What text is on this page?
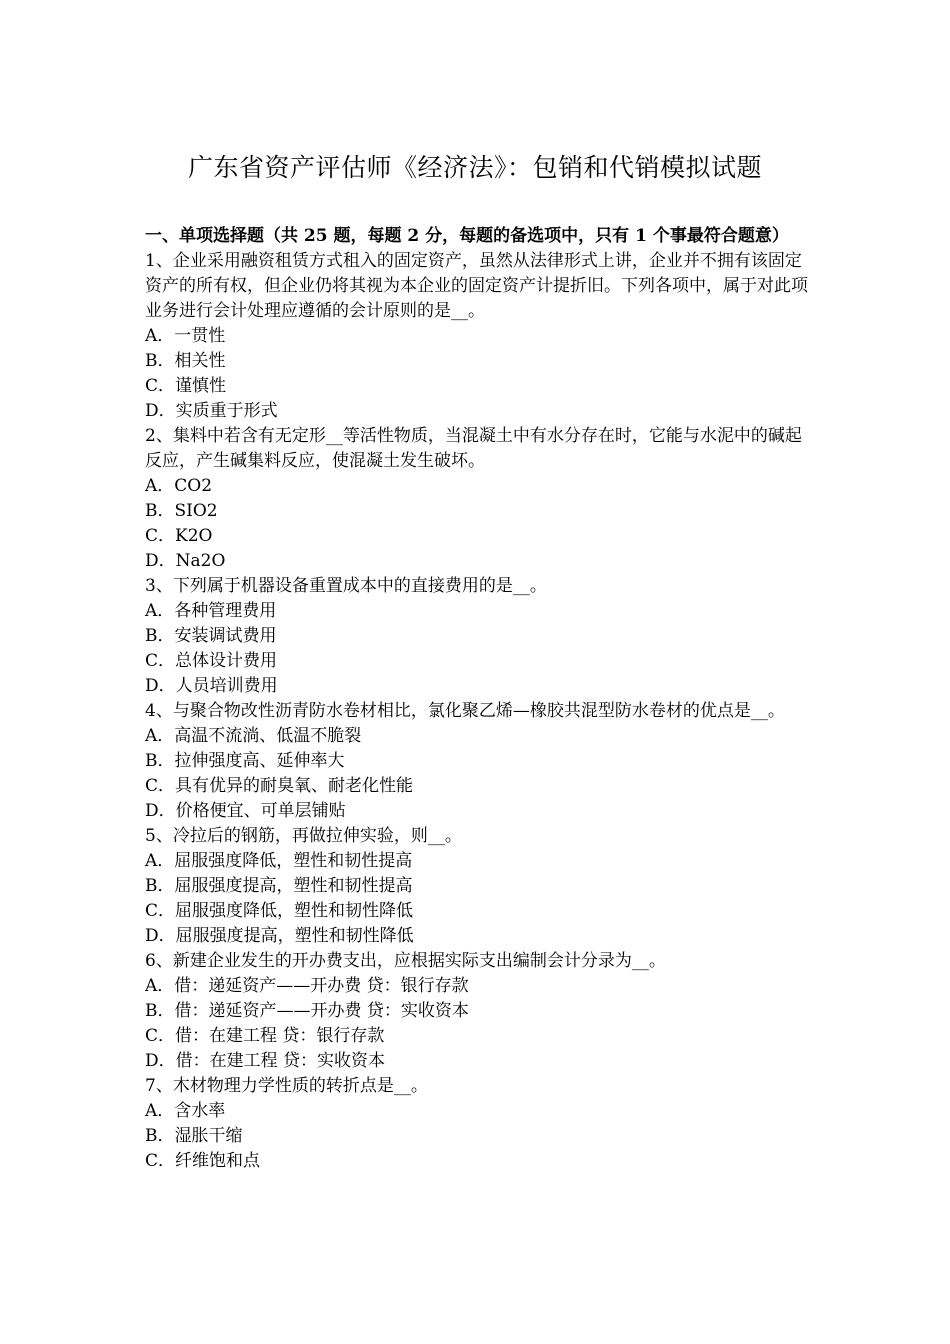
广东省资产评估师《经济法》：包销和代销模拟试题

一、单项选择题（共 25 题，每题 2 分，每题的备选项中，只有 1 个事最符合题意）

1、企业采用融资租赁方式租入的固定资产，虽然从法律形式上讲，企业并不拥有该固定资产的所有权，但企业仍将其视为本企业的固定资产计提折旧。下列各项中，属于对此项业务进行会计处理应遵循的会计原则的是__。

A．一贯性

B．相关性

C．谨慎性

D．实质重于形式

2、集料中若含有无定形__等活性物质，当混凝土中有水分存在时，它能与水泥中的碱起反应，产生碱集料反应，使混凝土发生破坏。

A．CO2

B．SIO2

C．K2O

D．Na2O

3、下列属于机器设备重置成本中的直接费用的是__。

A．各种管理费用

B．安装调试费用

C．总体设计费用

D．人员培训费用

4、与聚合物改性沥青防水卷材相比，氯化聚乙烯—橡胶共混型防水卷材的优点是__。

A．高温不流淌、低温不脆裂

B．拉伸强度高、延伸率大

C．具有优异的耐臭氧、耐老化性能

D．价格便宜、可单层铺贴

5、冷拉后的钢筋，再做拉伸实验，则__。

A．屈服强度降低，塑性和韧性提高

B．屈服强度提高，塑性和韧性提高

C．屈服强度降低，塑性和韧性降低

D．屈服强度提高，塑性和韧性降低

6、新建企业发生的开办费支出，应根据实际支出编制会计分录为__。

A．借：递延资产——开办费 贷：银行存款

B．借：递延资产——开办费 贷：实收资本

C．借：在建工程 贷：银行存款

D．借：在建工程 贷：实收资本

7、木材物理力学性质的转折点是__。

A．含水率

B．湿胀干缩

C．纤维饱和点
